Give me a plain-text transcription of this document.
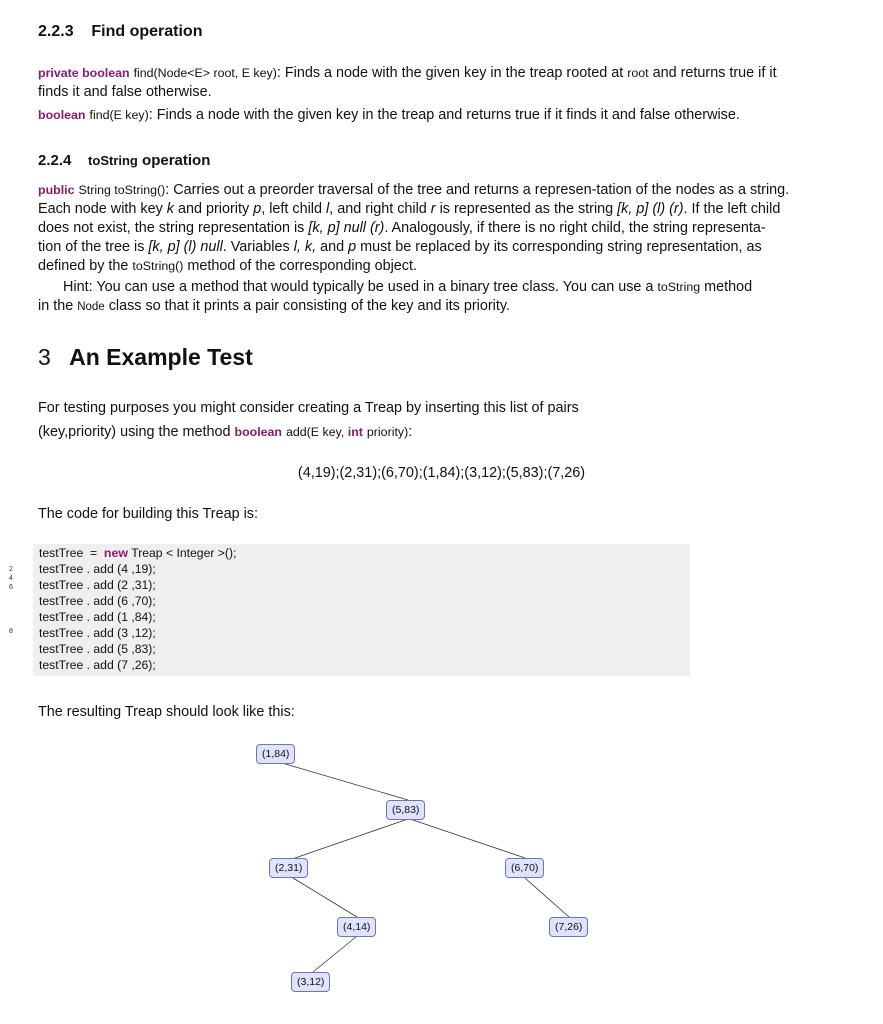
2.2.3 Find operation
private boolean find(Node<E> root, E key): Finds a node with the given key in the treap rooted at root and returns true if it
finds it and false otherwise.
boolean find(E key): Finds a node with the given key in the treap and returns true if it finds it and false otherwise.
2.2.4 toString operation
public String toString(): Carries out a preorder traversal of the tree and returns a represen-tation of the nodes as a string.
Each node with key k and priority p, left child l, and right child r is represented as the string [k, p] (l) (r). If the left child
does not exist, the string representation is [k, p] null (r). Analogously, if there is no right child, the string representa-
tion of the tree is [k, p] (l) null. Variables l, k, and p must be replaced by its corresponding string representation, as
defined by the toString() method of the corresponding object.
Hint: You can use a method that would typically be used in a binary tree class. You can use a toString method
in the Node class so that it prints a pair consisting of the key and its priority.
3 An Example Test
For testing purposes you might consider creating a Treap by inserting this list of pairs
(key,priority) using the method boolean add(E key, int priority):
(4,19);(2,31);(6,70);(1,84);(3,12);(5,83);(7,26)
The code for building this Treap is:
testTree  =  new Treap < Integer >();
testTree . add (4 ,19);
testTree . add (2 ,31);
testTree . add (6 ,70);
testTree . add (1 ,84);
testTree . add (3 ,12);
testTree . add (5 ,83);
testTree . add (7 ,26);
2
4
6
8
The resulting Treap should look like this:
(1,84)
(5,83)
(2,31)	(6,70)
(4,14)	(7,26)
(3,12)
